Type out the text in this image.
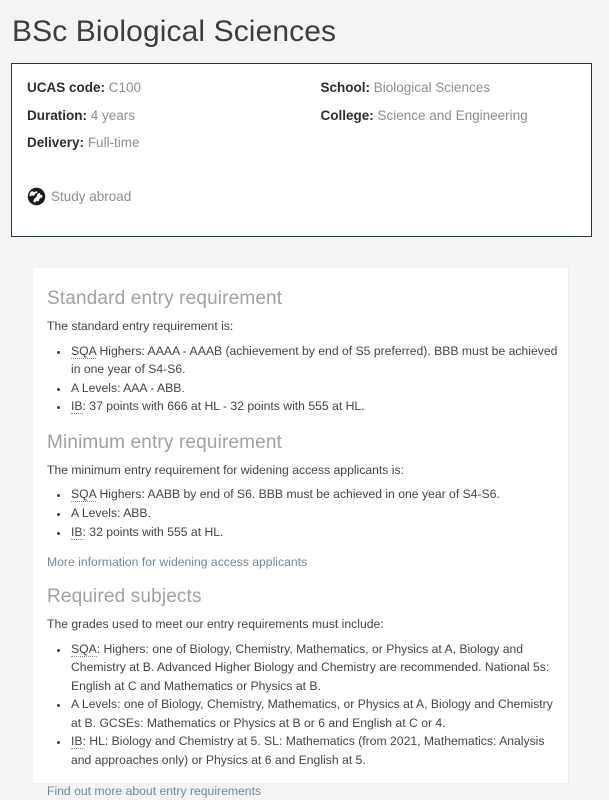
BSc Biological Sciences
UCAS code: C100
Duration: 4 years
Delivery: Full-time
School: Biological Sciences
College: Science and Engineering
Study abroad
Standard entry requirement

The standard entry requirement is:

• SQA Highers: AAAA - AAAB (achievement by end of S5 preferred). BBB must be achieved in one year of S4-S6.
• A Levels: AAA - ABB.
• IB: 37 points with 666 at HL - 32 points with 555 at HL.
Minimum entry requirement

The minimum entry requirement for widening access applicants is:

• SQA Highers: AABB by end of S6. BBB must be achieved in one year of S4-S6.
• A Levels: ABB.
• IB: 32 points with 555 at HL.
More information for widening access applicants
Required subjects

The grades used to meet our entry requirements must include:

• SQA: Highers: one of Biology, Chemistry, Mathematics, or Physics at A, Biology and Chemistry at B. Advanced Higher Biology and Chemistry are recommended. National 5s: English at C and Mathematics or Physics at B.
• A Levels: one of Biology, Chemistry, Mathematics, or Physics at A, Biology and Chemistry at B. GCSEs: Mathematics or Physics at B or 6 and English at C or 4.
• IB: HL: Biology and Chemistry at 5. SL: Mathematics (from 2021, Mathematics: Analysis and approaches only) or Physics at 6 and English at 5.
Find out more about entry requirements
